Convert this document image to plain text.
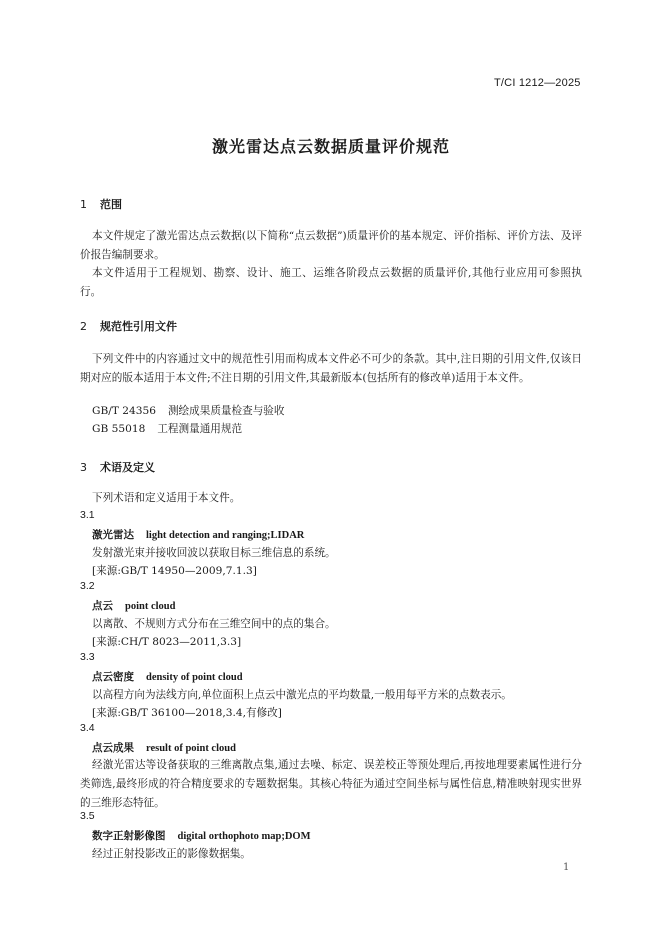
T/CI 1212—2025
激光雷达点云数据质量评价规范
1 范围
本文件规定了激光雷达点云数据(以下简称“点云数据”)质量评价的基本规定、评价指标、评价方法、及评价报告编制要求。
本文件适用于工程规划、勘察、设计、施工、运维各阶段点云数据的质量评价,其他行业应用可参照执行。
2 规范性引用文件
下列文件中的内容通过文中的规范性引用而构成本文件必不可少的条款。其中,注日期的引用文件,仅该日期对应的版本适用于本文件;不注日期的引用文件,其最新版本(包括所有的修改单)适用于本文件。
GB/T 24356 测绘成果质量检查与验收
GB 55018 工程测量通用规范
3 术语及定义
下列术语和定义适用于本文件。
3.1
激光雷达 light detection and ranging;LIDAR
发射激光束并接收回波以获取目标三维信息的系统。
[来源:GB/T 14950—2009,7.1.3]
3.2
点云 point cloud
以离散、不规则方式分布在三维空间中的点的集合。
[来源:CH/T 8023—2011,3.3]
3.3
点云密度 density of point cloud
以高程方向为法线方向,单位面积上点云中激光点的平均数量,一般用每平方米的点数表示。
[来源:GB/T 36100—2018,3.4,有修改]
3.4
点云成果 result of point cloud
经激光雷达等设备获取的三维离散点集,通过去噪、标定、误差校正等预处理后,再按地理要素属性进行分类筛选,最终形成的符合精度要求的专题数据集。其核心特征为通过空间坐标与属性信息,精准映射现实世界的三维形态特征。
3.5
数字正射影像图 digital orthophoto map;DOM
经过正射投影改正的影像数据集。
1
